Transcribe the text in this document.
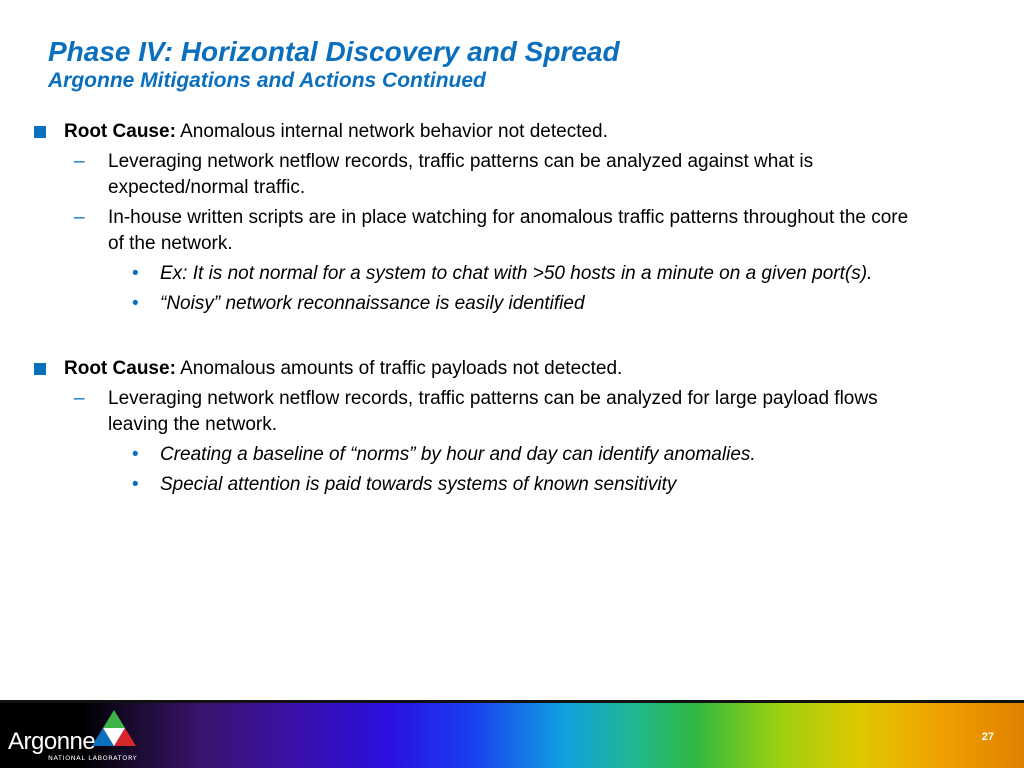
Phase IV: Horizontal Discovery and Spread
Argonne Mitigations and Actions Continued
Root Cause: Anomalous internal network behavior not detected.
– Leveraging network netflow records, traffic patterns can be analyzed against what is expected/normal traffic.
– In-house written scripts are in place watching for anomalous traffic patterns throughout the core of the network.
• Ex: It is not normal for a system to chat with >50 hosts in a minute on a given port(s).
• “Noisy” network reconnaissance is easily identified
Root Cause: Anomalous amounts of traffic payloads not detected.
– Leveraging network netflow records, traffic patterns can be analyzed for large payload flows leaving the network.
• Creating a baseline of “norms” by hour and day can identify anomalies.
• Special attention is paid towards systems of known sensitivity
Argonne
NATIONAL LABORATORY
27
